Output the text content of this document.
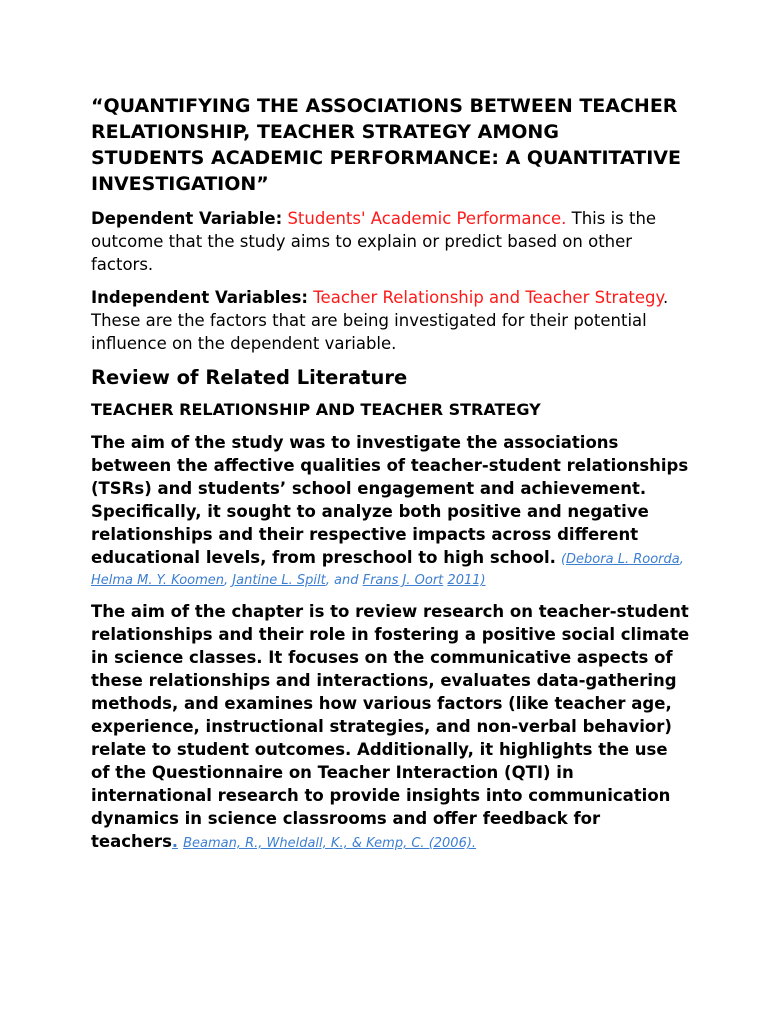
“QUANTIFYING THE ASSOCIATIONS BETWEEN TEACHER RELATIONSHIP, TEACHER STRATEGY AMONG   STUDENTS ACADEMIC PERFORMANCE: A QUANTITATIVE INVESTIGATION”

Dependent Variable: Students' Academic Performance. This is the outcome that the study aims to explain or predict based on other factors.

Independent Variables: Teacher Relationship and Teacher Strategy. These are the factors that are being investigated for their potential influence on the dependent variable.

Review of Related Literature
TEACHER RELATIONSHIP AND TEACHER STRATEGY
The aim of the study was to investigate the associations between the affective qualities of teacher-student relationships (TSRs) and students’ school engagement and achievement. Specifically, it sought to analyze both positive and negative relationships and their respective impacts across different educational levels, from preschool to high school. (Debora L. Roorda, Helma M. Y. Koomen, Jantine L. Spilt, and Frans J. Oort 2011)
The aim of the chapter is to review research on teacher-student relationships and their role in fostering a positive social climate in science classes. It focuses on the communicative aspects of these relationships and interactions, evaluates data-gathering methods, and examines how various factors (like teacher age, experience, instructional strategies, and non-verbal behavior) relate to student outcomes. Additionally, it highlights the use of the Questionnaire on Teacher Interaction (QTI) in international research to provide insights into communication dynamics in science classrooms and offer feedback for teachers. Beaman, R., Wheldall, K., & Kemp, C. (2006).
